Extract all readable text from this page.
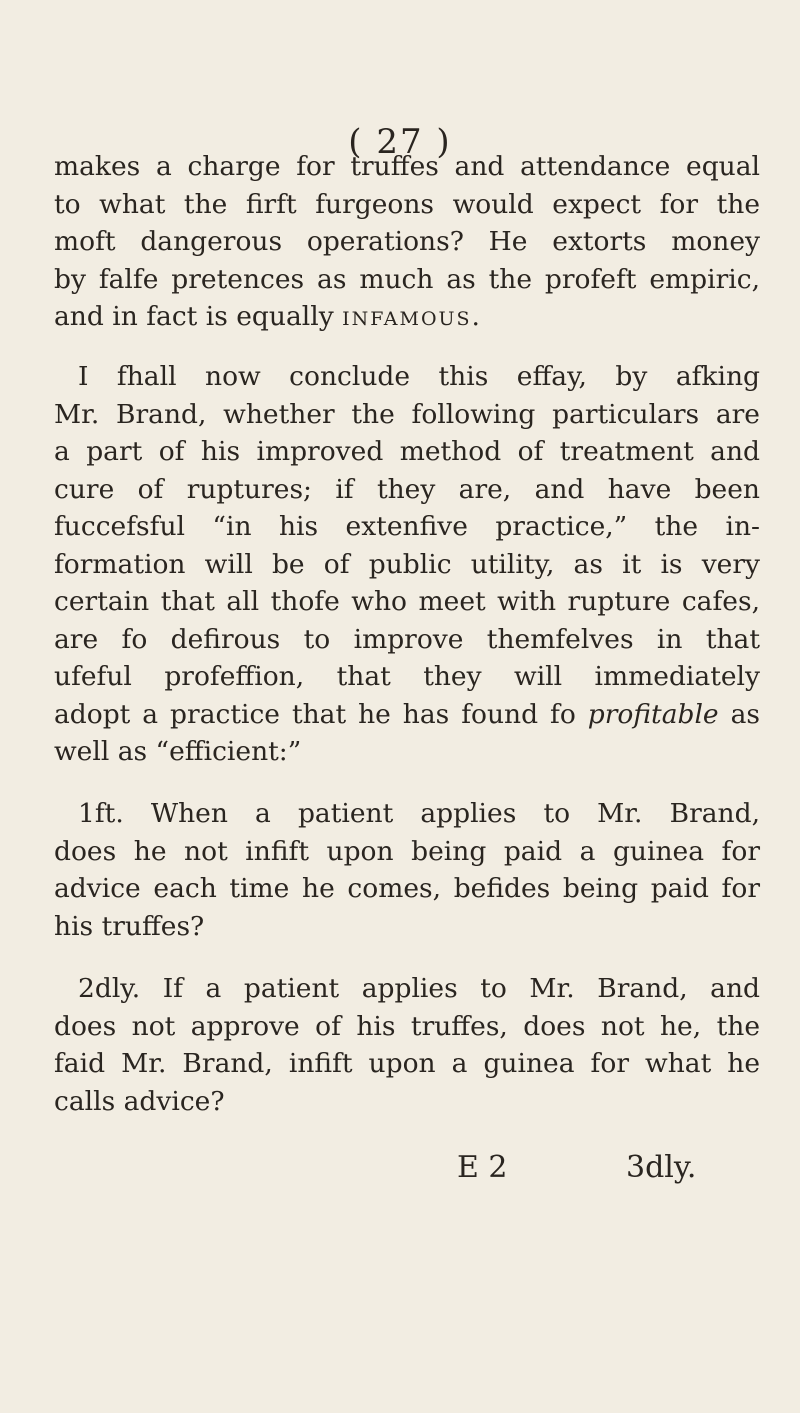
( 27 )
makes a charge for truffes and attendance equal
to what the firft furgeons would expect for the
moft dangerous operations? He extorts money
by falfe pretences as much as the profeft empiric,
and in fact is equally infamous.
I fhall now conclude this effay, by afking
Mr. Brand, whether the following particulars are
a part of his improved method of treatment and
cure of ruptures; if they are, and have been
fuccefsful “in his extenfive practice,” the in-
formation will be of public utility, as it is very
certain that all thofe who meet with rupture cafes,
are fo defirous to improve themfelves in that
ufeful profeffion, that they will immediately
adopt a practice that he has found fo profitable as
well as “efficient:”
1ft. When a patient applies to Mr. Brand,
does he not infift upon being paid a guinea for
advice each time he comes, befides being paid for
his truffes?
2dly. If a patient applies to Mr. Brand, and
does not approve of his truffes, does not he, the
faid Mr. Brand, infift upon a guinea for what he
calls advice?
E 2	3dly.
